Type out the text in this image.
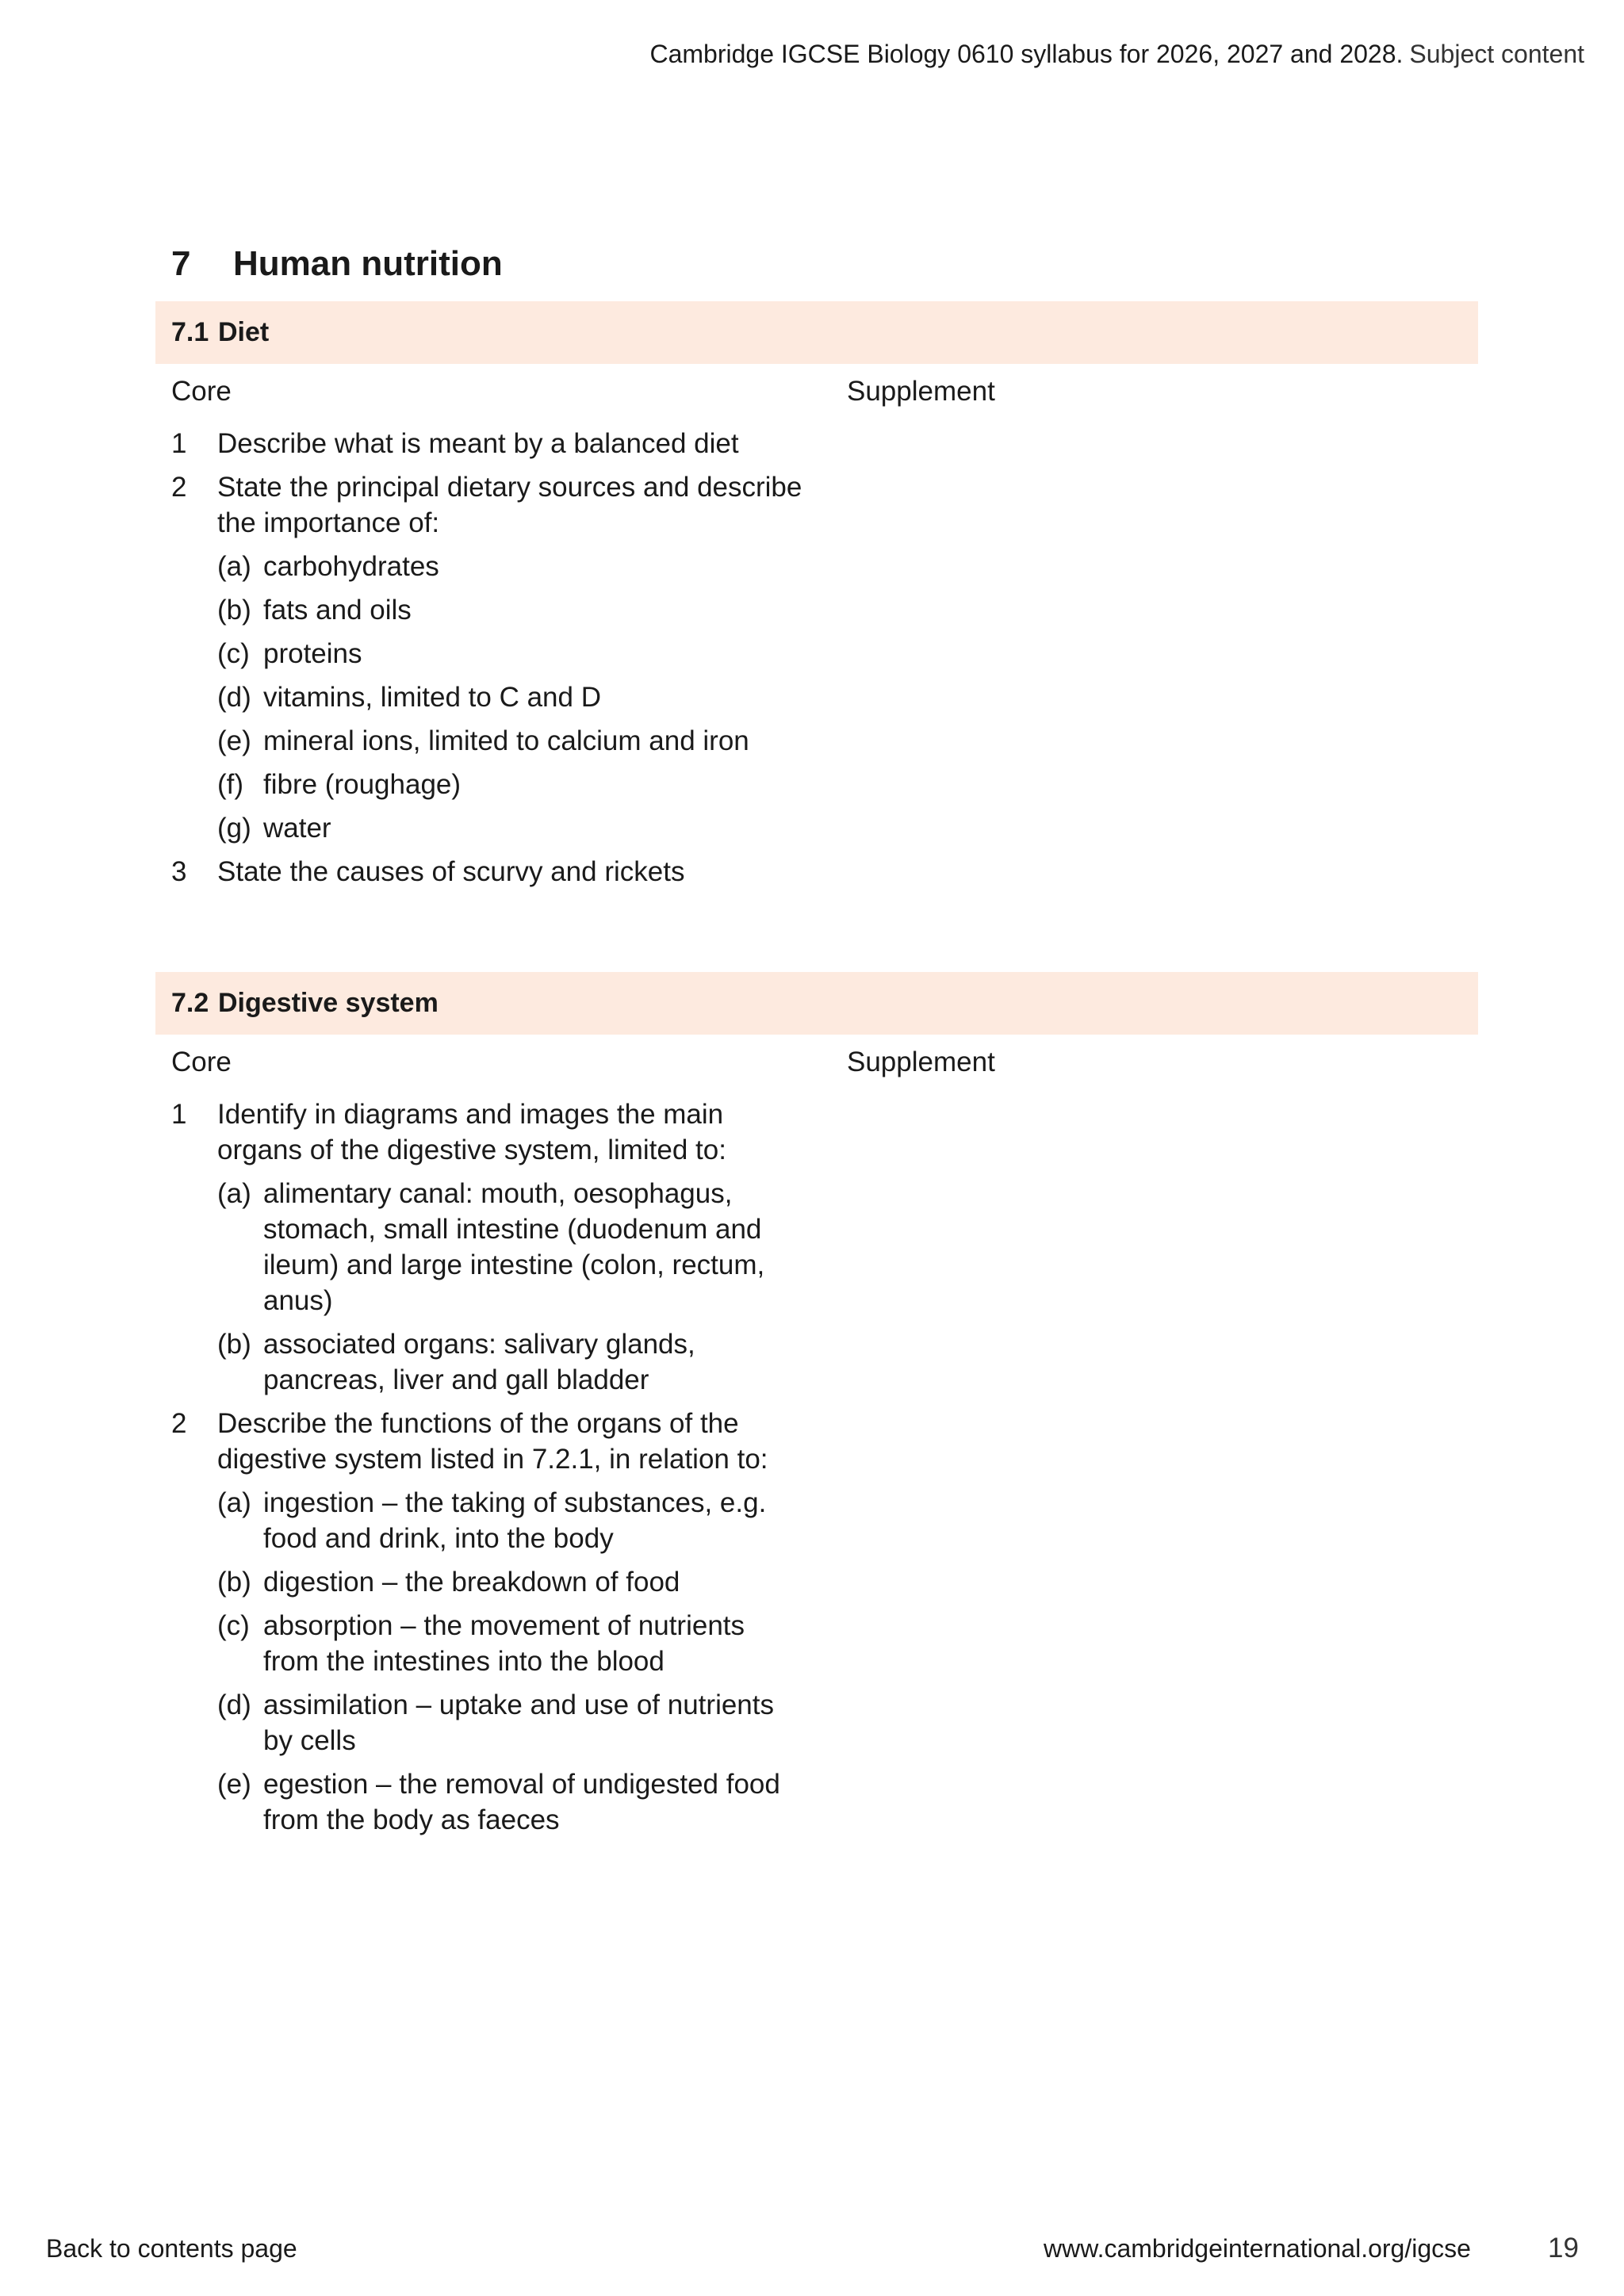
Cambridge IGCSE Biology 0610 syllabus for 2026, 2027 and 2028. Subject content
7 Human nutrition
7.1 Diet
Core	Supplement
1 Describe what is meant by a balanced diet
2 State the principal dietary sources and describe the importance of:
(a) carbohydrates
(b) fats and oils
(c) proteins
(d) vitamins, limited to C and D
(e) mineral ions, limited to calcium and iron
(f) fibre (roughage)
(g) water
3 State the causes of scurvy and rickets
7.2 Digestive system
Core	Supplement
1 Identify in diagrams and images the main organs of the digestive system, limited to:
(a) alimentary canal: mouth, oesophagus, stomach, small intestine (duodenum and ileum) and large intestine (colon, rectum, anus)
(b) associated organs: salivary glands, pancreas, liver and gall bladder
2 Describe the functions of the organs of the digestive system listed in 7.2.1, in relation to:
(a) ingestion – the taking of substances, e.g. food and drink, into the body
(b) digestion – the breakdown of food
(c) absorption – the movement of nutrients from the intestines into the blood
(d) assimilation – uptake and use of nutrients by cells
(e) egestion – the removal of undigested food from the body as faeces
Back to contents page	www.cambridgeinternational.org/igcse	19
